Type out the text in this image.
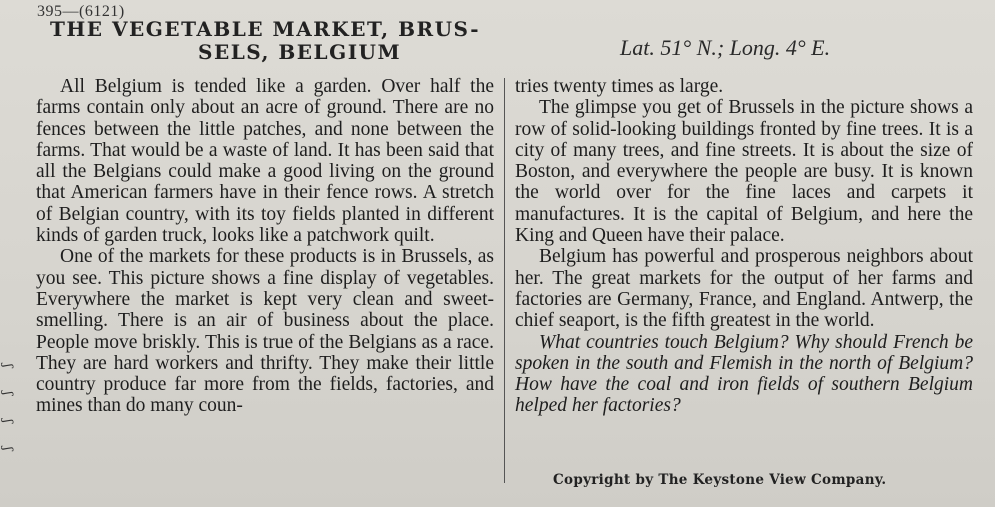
ʃ ʃ ʃ ʃ
395—(6121)
THE VEGETABLE MARKET, BRUS-
SELS, BELGIUM	Lat. 51° N.; Long. 4° E.

All Belgium is tended like a garden. Over half the farms contain only about an acre of ground. There are no fences between the little patches, and none between the farms. That would be a waste of land. It has been said that all the Belgians could make a good living on the ground that American farmers have in their fence rows. A stretch of Belgian country, with its toy fields planted in different kinds of garden truck, looks like a patchwork quilt.

One of the markets for these products is in Brussels, as you see. This picture shows a fine display of vegetables. Everywhere the market is kept very clean and sweet-smelling. There is an air of business about the place. People move briskly. This is true of the Belgians as a race. They are hard workers and thrifty. They make their little country produce far more from the fields, factories, and mines than do many coun-

tries twenty times as large.

The glimpse you get of Brussels in the picture shows a row of solid-looking buildings fronted by fine trees. It is a city of many trees, and fine streets. It is about the size of Boston, and everywhere the people are busy. It is known the world over for the fine laces and carpets it manufactures. It is the capital of Belgium, and here the King and Queen have their palace.

Belgium has powerful and prosperous neighbors about her. The great markets for the output of her farms and factories are Germany, France, and England. Antwerp, the chief seaport, is the fifth greatest in the world.

What countries touch Belgium? Why should French be spoken in the south and Flemish in the north of Belgium? How have the coal and iron fields of southern Belgium helped her factories?

Copyright by The Keystone View Company.
